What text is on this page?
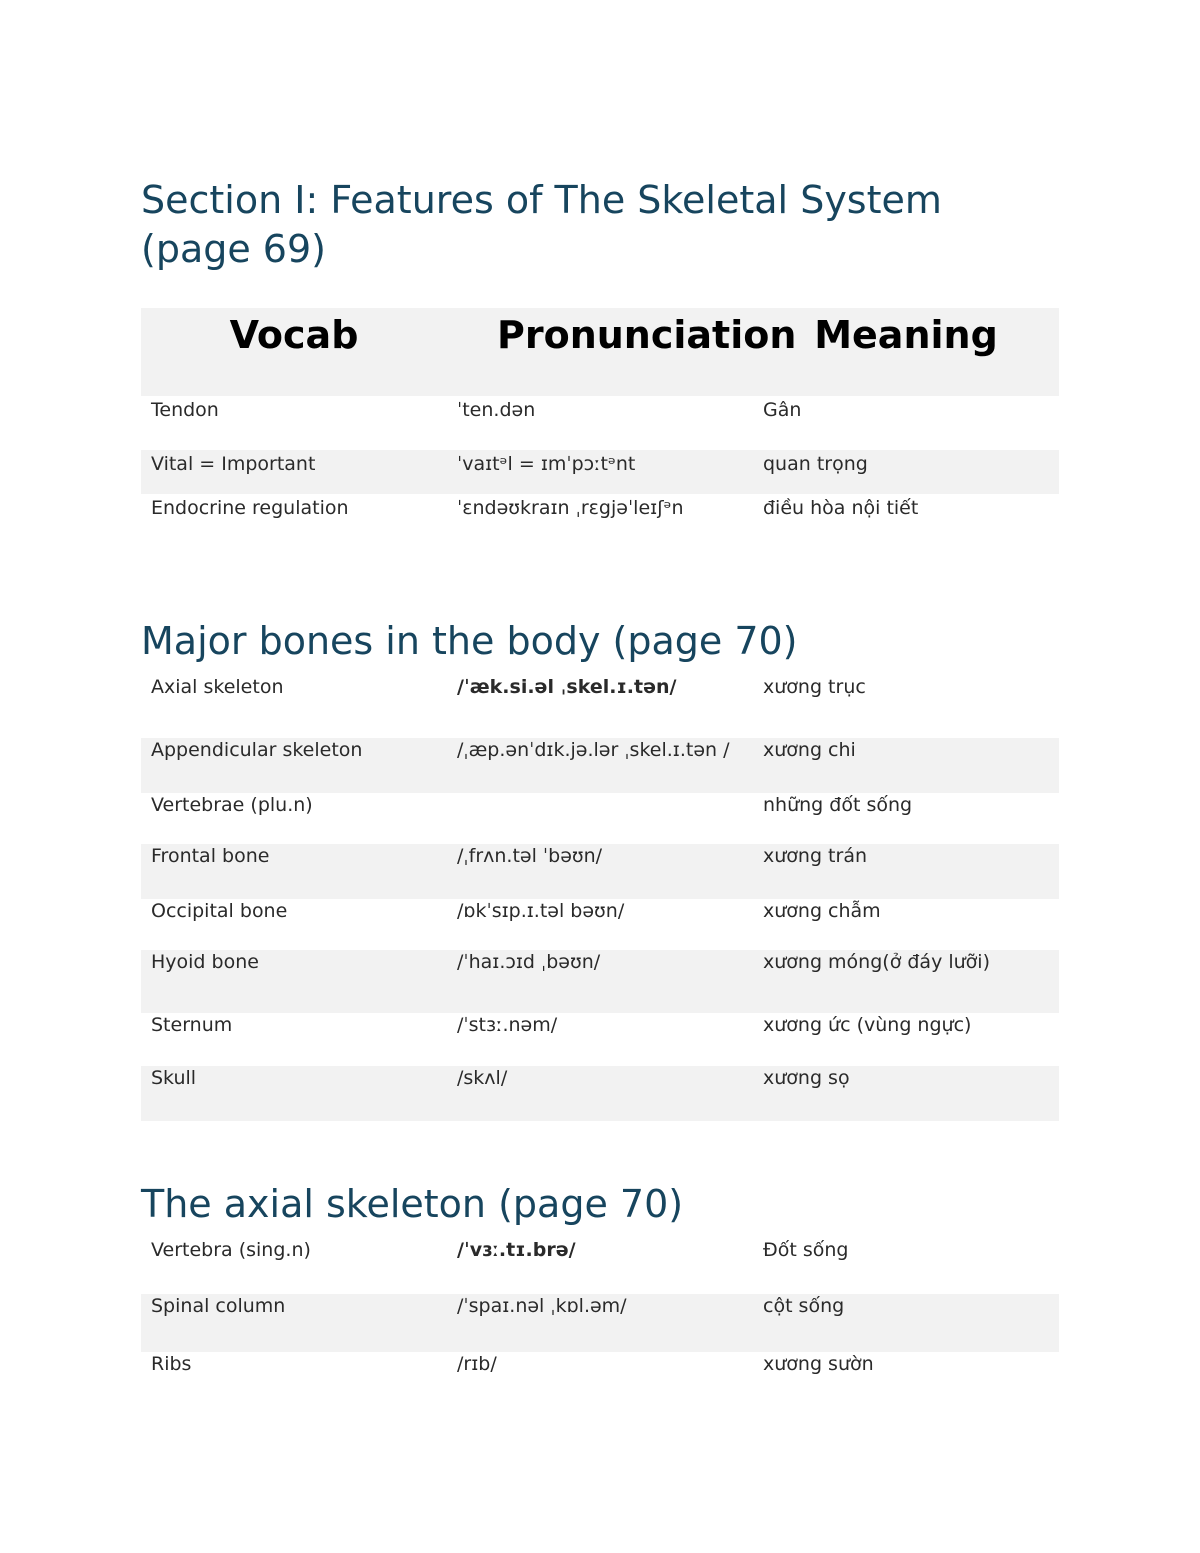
Section I: Features of The Skeletal System (page 69)
Vocab	Pronunciation	Meaning
Tendon	ˈten.dən	Gân
Vital = Important	ˈvaɪtᵊl = ɪmˈpɔːtᵊnt	quan trọng
Endocrine regulation	ˈɛndəʊkraɪn ˌrɛgjəˈleɪʃᵊn	điều hòa nội tiết
Major bones in the body (page 70)
Axial skeleton	/ˈæk.si.əl ˌskel.ɪ.tən/	xương trục
Appendicular skeleton	/ˌæp.ənˈdɪk.jə.lər ˌskel.ɪ.tən /	xương chi
Vertebrae (plu.n)		những đốt sống
Frontal bone	/ˌfrʌn.təl ˈbəʊn/	xương trán
Occipital bone	/ɒkˈsɪp.ɪ.təl bəʊn/	xương chẫm
Hyoid bone	/ˈhaɪ.ɔɪd ˌbəʊn/	xương móng(ở đáy lưỡi)
Sternum	/ˈstɜː.nəm/	xương ức (vùng ngực)
Skull	/skʌl/	xương sọ
The axial skeleton (page 70)
Vertebra (sing.n)	/ˈvɜː.tɪ.brə/	Đốt sống
Spinal column	/ˈspaɪ.nəl ˌkɒl.əm/	cột sống
Ribs	/rɪb/	xương sườn
